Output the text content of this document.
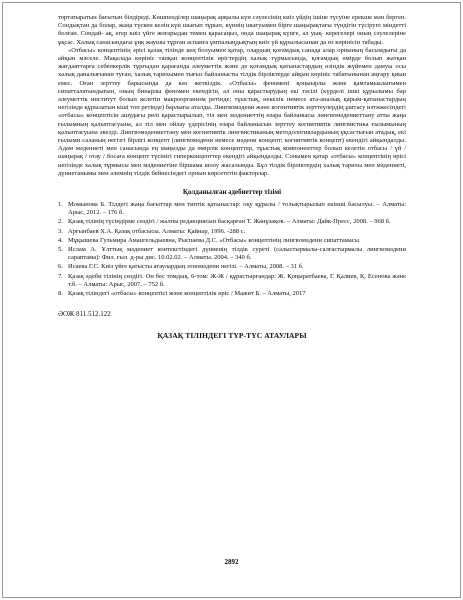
тортатыратын бағытын білдіреді. Көшпенділер шаңырақ арқылы күн сәулесінің киіз үйдің ішіне түсуіне ерекше мән берген. Сондықтан да болар, жаңа түскен келін күн шығып тұрып, күннің шығуымен бірге шаңырақтағы түндігін түсіруге міндетті болған. Сондай- ақ, егер киіз үйге жоғарыдан төмен қарасаңыз, онда шаңырақ күнге, ал уық- керегелері оның сәулелеріне ұқсас. Халық санасындағы ұңқ жаушы тұрған аспанға ұмтылыңдықтың киіз үй құрылысынан да өз көрінісін табады.

«Отбасы» концептінің әрісі қазақ тілінде кең болуымен қатар, олардың қоғамдық санада алар орнының басымдығы да айқын мәселе. Мақалада көрініс тапқан концептілік өрістердің халық түрмысында, қоғамдық өмірде болып жатқан жағдаяттарға себепкерлік тұрғыдан қарағанда әлеуметтік және де қоғамдық қатынастардың өзіндік жүйемен дамуы осы халық даналығынан туған, халық тарихымен тығыз байланысты тілдік бірліктерде айқын көрініс табатынынан аңғару қиын емес. Оған зерттеу барысында да көз жеткіздік. «Отбасы» феномені қоңыырлы және қамтамыалығымен сипатталатындығын, оның бинарлы феномен екендігін, ал оны қарастырудың екі тәсілі (күрделі ішкі құрылымы бар әлеуметтік институт болып келетін макроорганизм ретінде; тұыстық, некелік немесе ата-аналық қарым-қатынастардың негізінде құрылатын кіші топ ретінде) барлығы аталды. Лингвомәдени және когнитивтік зерттеулердің ұштасу нәтижесіндегі «отбасы» концептісін ашудағы рөлі қарастырылып, тіл мен мәдениеттің өзара байланысы лингвомәдениеттану атты жаңа ғылымның қалыптасуына, ал тіл мен ойлау үдерісінің өзара байланысын зерттеу когнитивтік лингвистика ғылымының қалыптасуына әкелді. Лингвомәдениеттану мен когнитивтік лингвистиканың методологиялардының ұқсастығын атадық, екі ғылыми саланың негізгі бірлігі концепт (лингвомәдени немесе мәдени концепт; когнитивтік концепт) екендігі айқындалды. Адам мәдениеті мен санасында ең маңызды да өмірлік концепттер, тұыстық компоненттер болып келетін отбасы / үй / шаңырақ / отау / босаға концепт түсінігі гиперконцепттер екендігі айқындалды. Сонымен қатар «отбасы» концептінің өрісі негізінде халық тұрмысы мен мәдениетіне біршама шолу жасалынды. Бұл тілдік бірліктердің халық тарихы мен мәдениеті, дүниетанымы мен әлемнің тілдік бейнесіндегі орнын көрсететін факторлар.

Қолданылған әдебиеттер тізімі
1. Момынова Б. Тілдегі жаңа бағыттар мен типтік қатынастар: оқу құралы / толықтырылып екінші басылуы. – Алматы: Арыс, 2012. – 176 б.
2. Қазақ тілінің түсіндірме сөздігі / жалпы редакциясын басқарған Т. Жанұзақов. – Алматы: Дайк-Пресс, 2008. – 968 б.
3. Арғынбаев Х.А. Қазақ отбасысы. Алматы: Қайнар, 1996. -288 с.
4. Мұқышева Гульмира Амангельдыевна, Рыспаева Д.С. «Отбасы» концептінің лингвомәдени сипаттамасы
5. Ислам А. Ұлттық мәдениет контекстіндегі дүниенің тілдік суреті (салыстырмалы-салғастырмалы лингвомәдени сараптама): Фил. ғыл. д-ры дис. 10.02.02. – Алматы. 2004. – 340 б.
6. Исаева Г.С. Киіз үйге қатысты атаулардың этномәдени негізі. – Алматы, 2008. – 31 б.
7. Қазақ әдеби тілінің сөздігі. Он бес томдық. 6-том: Ж-Ж / құрастырғандар: Ж. Қоңыратбаева, Г. Қалиев, Қ. Есенова және т.б. – Алматы: Арыс, 2007. – 752 б.
8. Қазақ тіліндегі «отбасы» концептісі және концептілік өріс / Мажит Б. – Алматы, 2017
ӘОЖ 811.512.122
ҚАЗАҚ ТІЛІНДЕГІ ТҮР-ТҮС АТАУЛАРЫ
2892
